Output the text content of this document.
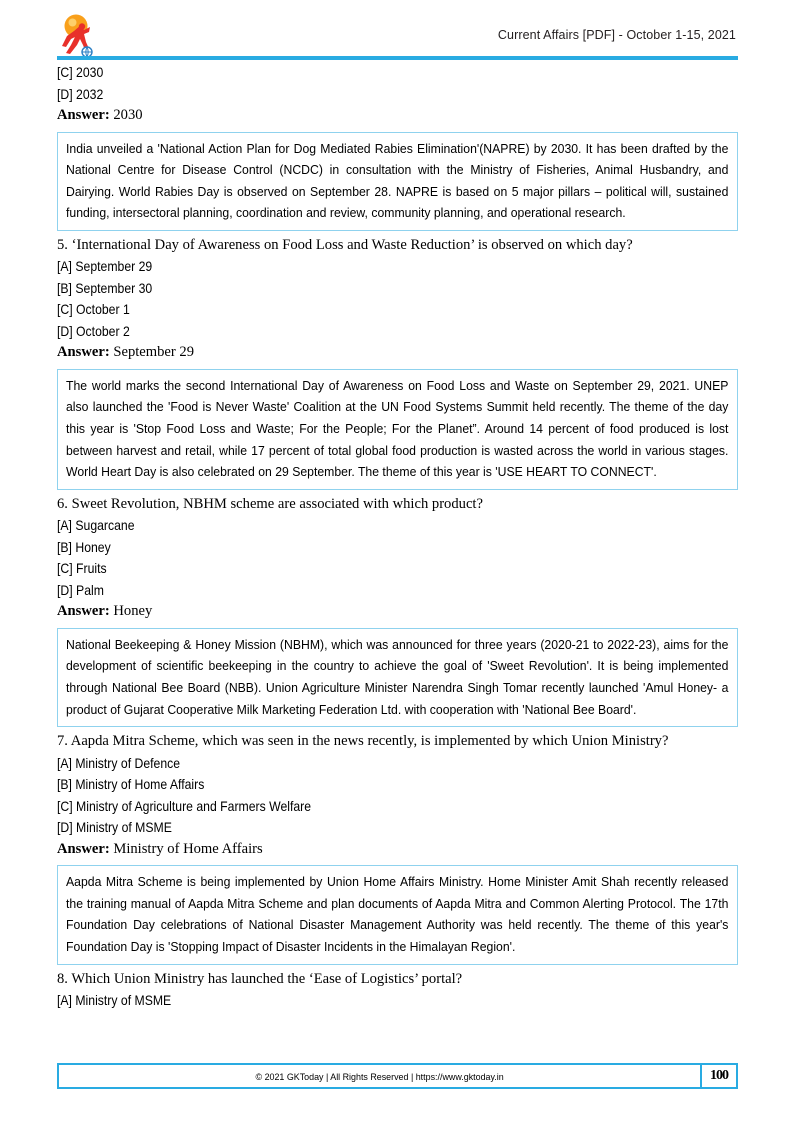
Current Affairs [PDF] - October 1-15, 2021
[C] 2030
[D] 2032
Answer: 2030

India unveiled a 'National Action Plan for Dog Mediated Rabies Elimination'(NAPRE) by 2030. It has been drafted by the National Centre for Disease Control (NCDC) in consultation with the Ministry of Fisheries, Animal Husbandry, and Dairying. World Rabies Day is observed on September 28. NAPRE is based on 5 major pillars – political will, sustained funding, intersectoral planning, coordination and review, community planning, and operational research.

5. ‘International Day of Awareness on Food Loss and Waste Reduction’ is observed on which day?
[A] September 29
[B] September 30
[C] October 1
[D] October 2
Answer: September 29

The world marks the second International Day of Awareness on Food Loss and Waste on September 29, 2021. UNEP also launched the 'Food is Never Waste' Coalition at the UN Food Systems Summit held recently. The theme of the day this year is 'Stop Food Loss and Waste; For the People; For the Planet”. Around 14 percent of food produced is lost between harvest and retail, while 17 percent of total global food production is wasted across the world in various stages. World Heart Day is also celebrated on 29 September. The theme of this year is 'USE HEART TO CONNECT'.

6. Sweet Revolution, NBHM scheme are associated with which product?
[A] Sugarcane
[B] Honey
[C] Fruits
[D] Palm
Answer: Honey

National Beekeeping & Honey Mission (NBHM), which was announced for three years (2020-21 to 2022-23), aims for the development of scientific beekeeping in the country to achieve the goal of 'Sweet Revolution'. It is being implemented through National Bee Board (NBB). Union Agriculture Minister Narendra Singh Tomar recently launched 'Amul Honey- a product of Gujarat Cooperative Milk Marketing Federation Ltd. with cooperation with 'National Bee Board'.

7. Aapda Mitra Scheme, which was seen in the news recently, is implemented by which Union Ministry?
[A] Ministry of Defence
[B] Ministry of Home Affairs
[C] Ministry of Agriculture and Farmers Welfare
[D] Ministry of MSME
Answer: Ministry of Home Affairs

Aapda Mitra Scheme is being implemented by Union Home Affairs Ministry. Home Minister Amit Shah recently released the training manual of Aapda Mitra Scheme and plan documents of Aapda Mitra and Common Alerting Protocol. The 17th Foundation Day celebrations of National Disaster Management Authority was held recently. The theme of this year's Foundation Day is 'Stopping Impact of Disaster Incidents in the Himalayan Region'.

8. Which Union Ministry has launched the ‘Ease of Logistics’ portal?
[A] Ministry of MSME
© 2021 GKToday | All Rights Reserved | https://www.gktoday.in	100
